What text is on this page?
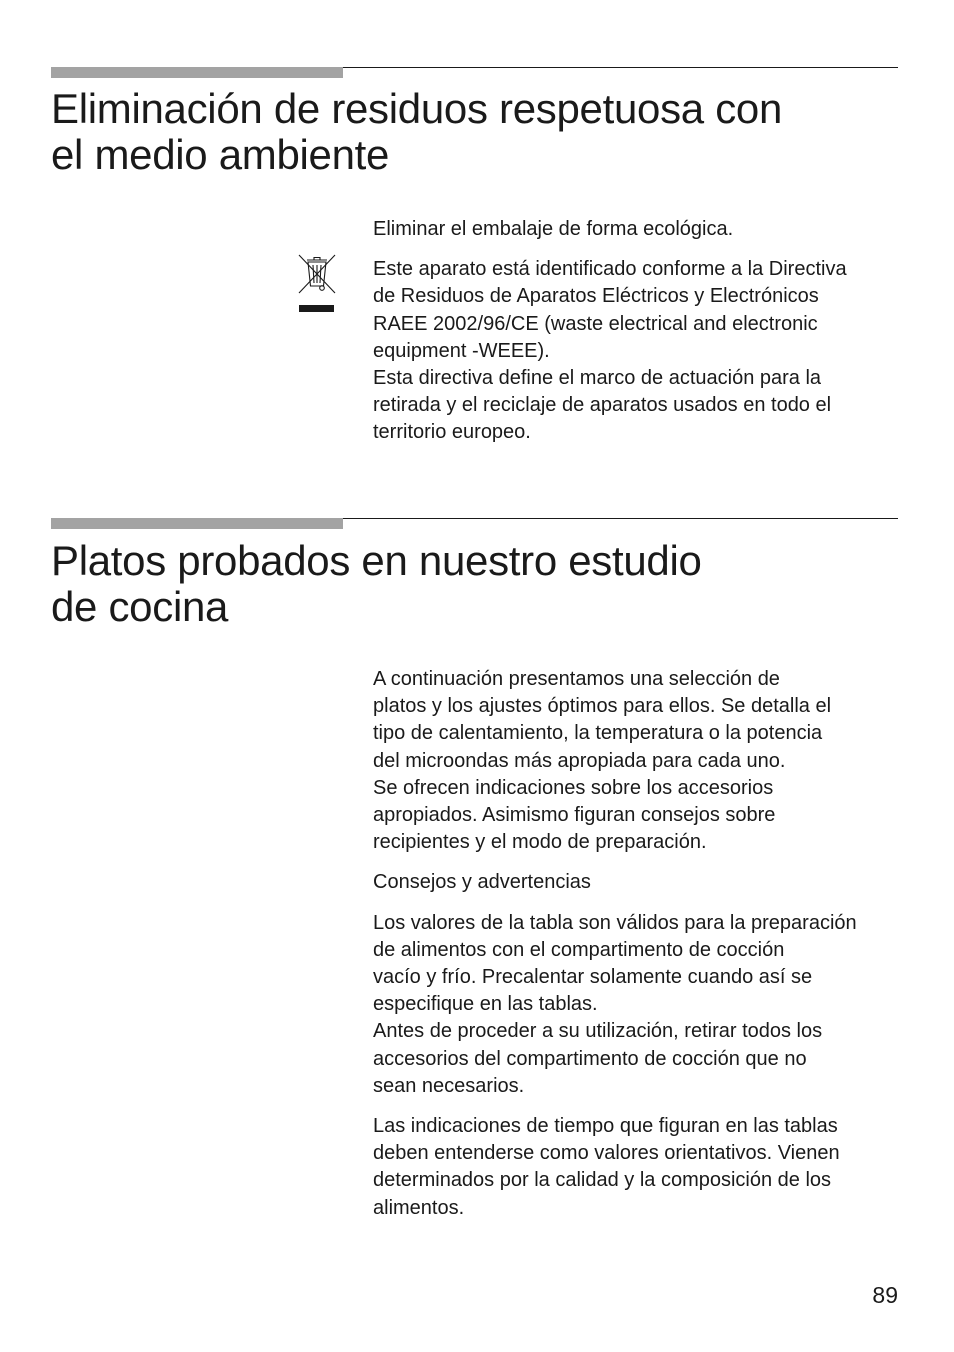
Eliminación de residuos respetuosa con
el medio ambiente

Eliminar el embalaje de forma ecológica.

Este aparato está identificado conforme a la Directiva
de Residuos de Aparatos Eléctricos y Electrónicos
RAEE 2002/96/CE (waste electrical and electronic
equipment -WEEE).
Esta directiva define el marco de actuación para la
retirada y el reciclaje de aparatos usados en todo el
territorio europeo.

Platos probados en nuestro estudio
de cocina

A continuación presentamos una selección de
platos y los ajustes óptimos para ellos. Se detalla el
tipo de calentamiento, la temperatura o la potencia
del microondas más apropiada para cada uno.
Se ofrecen indicaciones sobre los accesorios
apropiados. Asimismo figuran consejos sobre
recipientes y el modo de preparación.

Consejos y advertencias

Los valores de la tabla son válidos para la preparación
de alimentos con el compartimento de cocción
vacío y frío. Precalentar solamente cuando así se
especifique en las tablas.
Antes de proceder a su utilización, retirar todos los
accesorios del compartimento de cocción que no
sean necesarios.

Las indicaciones de tiempo que figuran en las tablas
deben entenderse como valores orientativos. Vienen
determinados por la calidad y la composición de los
alimentos.

89
